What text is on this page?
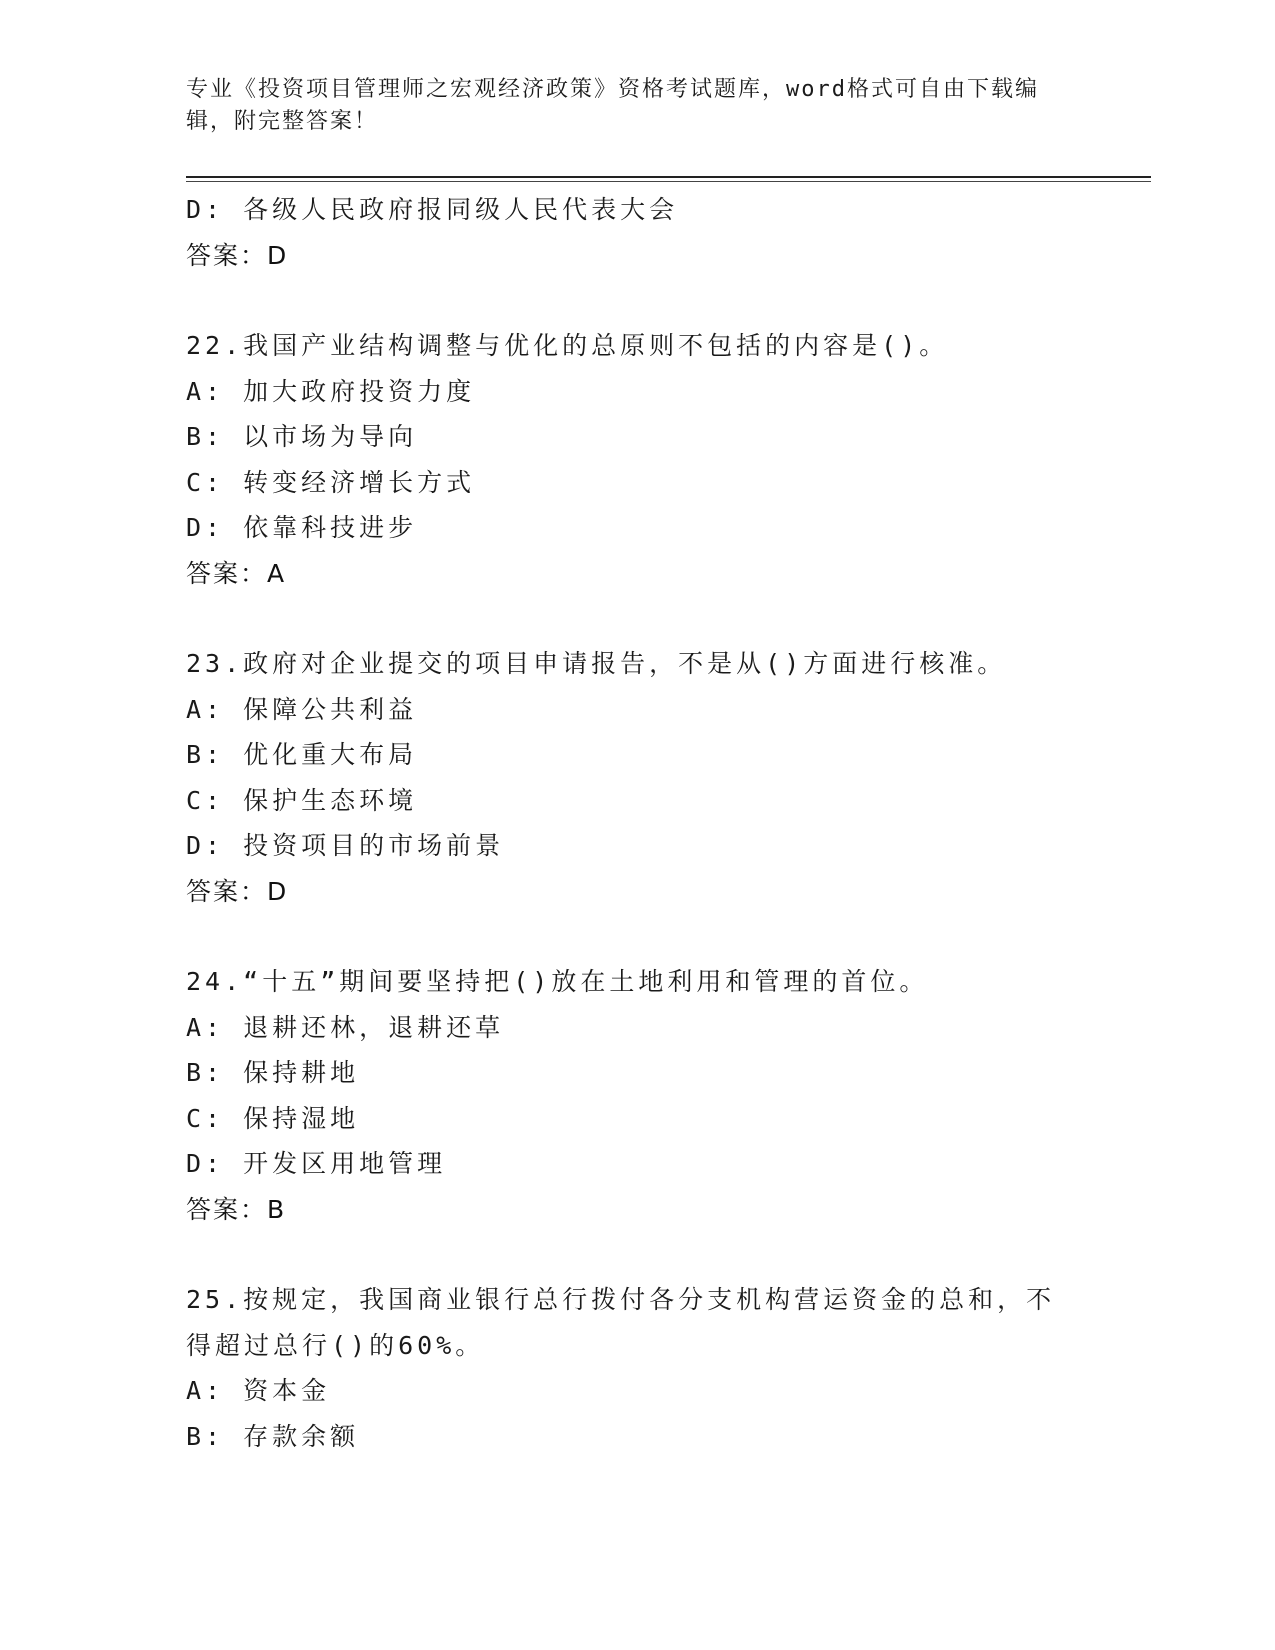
专业《投资项目管理师之宏观经济政策》资格考试题库，word格式可自由下载编辑，附完整答案！
D: 各级人民政府报同级人民代表大会
答案：D
22.我国产业结构调整与优化的总原则不包括的内容是()。
A: 加大政府投资力度
B: 以市场为导向
C: 转变经济增长方式
D: 依靠科技进步
答案：A
23.政府对企业提交的项目申请报告，不是从()方面进行核准。
A: 保障公共利益
B: 优化重大布局
C: 保护生态环境
D: 投资项目的市场前景
答案：D
24.“十五”期间要坚持把()放在土地利用和管理的首位。
A: 退耕还林，退耕还草
B: 保持耕地
C: 保持湿地
D: 开发区用地管理
答案：B
25.按规定，我国商业银行总行拨付各分支机构营运资金的总和，不得超过总行()的60%。
A: 资本金
B: 存款余额
